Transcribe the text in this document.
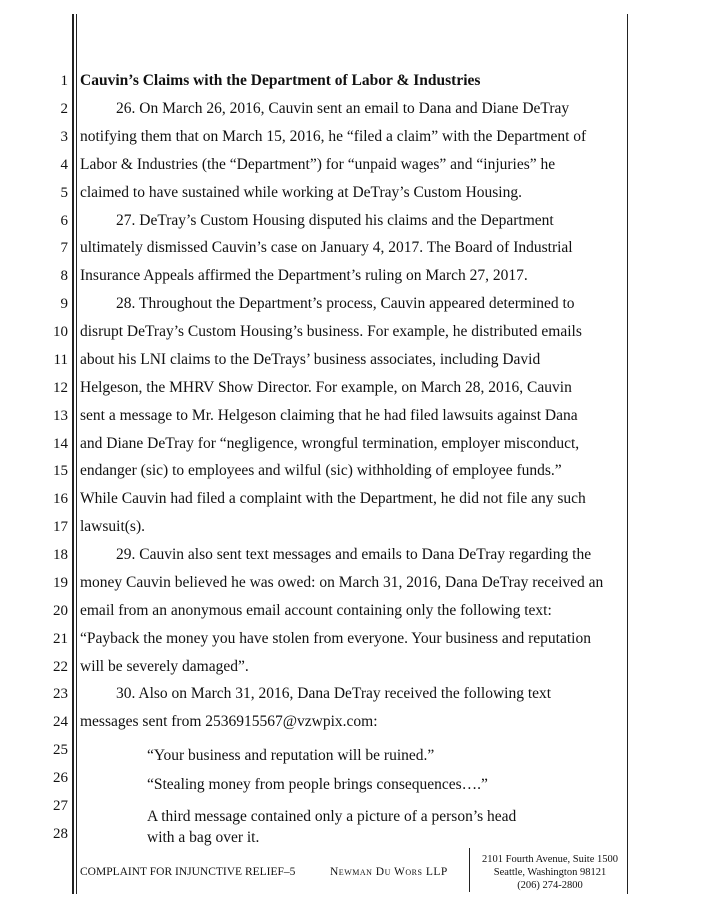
1
2
3
4
5
6
7
8
9
10
11
12
13
14
15
16
17
18
19
20
21
22
23
24
25
26
27
28
Cauvin’s Claims with the Department of Labor & Industries
26. On March 26, 2016, Cauvin sent an email to Dana and Diane DeTray
notifying them that on March 15, 2016, he “filed a claim” with the Department of
Labor & Industries (the “Department”) for “unpaid wages” and “injuries” he
claimed to have sustained while working at DeTray’s Custom Housing.
27. DeTray’s Custom Housing disputed his claims and the Department
ultimately dismissed Cauvin’s case on January 4, 2017. The Board of Industrial
Insurance Appeals affirmed the Department’s ruling on March 27, 2017.
28. Throughout the Department’s process, Cauvin appeared determined to
disrupt DeTray’s Custom Housing’s business. For example, he distributed emails
about his LNI claims to the DeTrays’ business associates, including David
Helgeson, the MHRV Show Director. For example, on March 28, 2016, Cauvin
sent a message to Mr. Helgeson claiming that he had filed lawsuits against Dana
and Diane DeTray for “negligence, wrongful termination, employer misconduct,
endanger (sic) to employees and wilful (sic) withholding of employee funds.”
While Cauvin had filed a complaint with the Department, he did not file any such
lawsuit(s).
29. Cauvin also sent text messages and emails to Dana DeTray regarding the
money Cauvin believed he was owed: on March 31, 2016, Dana DeTray received an
email from an anonymous email account containing only the following text:
“Payback the money you have stolen from everyone. Your business and reputation
will be severely damaged”.
30. Also on March 31, 2016, Dana DeTray received the following text
messages sent from 2536915567@vzwpix.com:
“Your business and reputation will be ruined.”
“Stealing money from people brings consequences….”
A third message contained only a picture of a person’s head
with a bag over it.
COMPLAINT FOR INJUNCTIVE RELIEF–5	Newman Du Wors LLP
2101 Fourth Avenue, Suite 1500
Seattle, Washington 98121
(206) 274-2800
